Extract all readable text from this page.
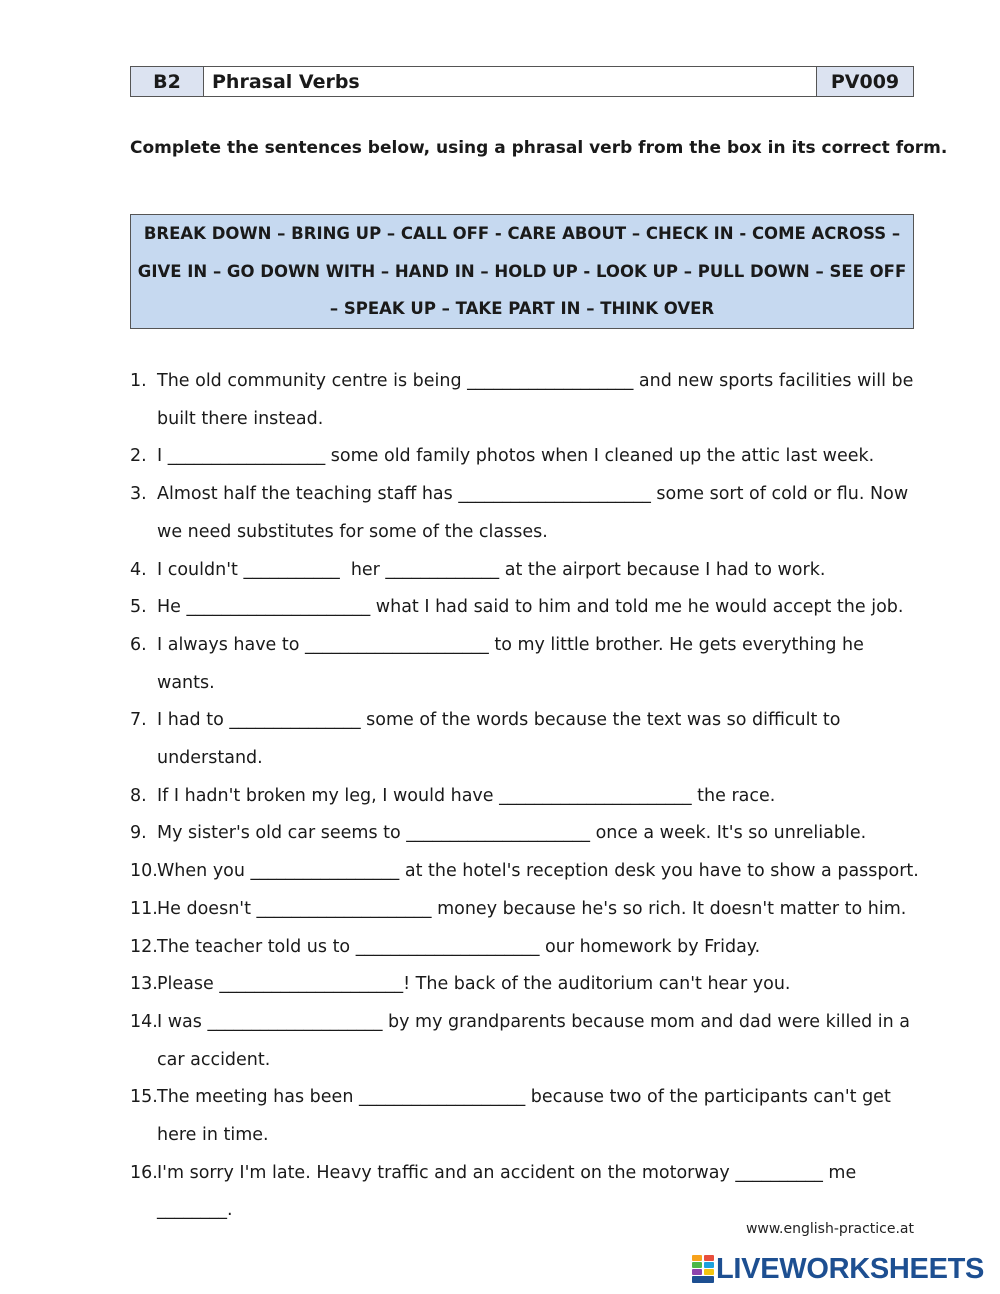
B2	Phrasal Verbs	PV009
Complete the sentences below, using a phrasal verb from the box in its correct form.
BREAK DOWN – BRING UP – CALL OFF - CARE ABOUT – CHECK IN - COME ACROSS –
GIVE IN – GO DOWN WITH – HAND IN – HOLD UP - LOOK UP – PULL DOWN – SEE OFF
– SPEAK UP – TAKE PART IN – THINK OVER
1. The old community centre is being ___________________ and new sports facilities will be built there instead.
2. I __________________ some old family photos when I cleaned up the attic last week.
3. Almost half the teaching staff has ______________________ some sort of cold or flu. Now we need substitutes for some of the classes.
4. I couldn't ___________  her _____________ at the airport because I had to work.
5. He _____________________ what I had said to him and told me he would accept the job.
6. I always have to _____________________ to my little brother. He gets everything he wants.
7. I had to _______________ some of the words because the text was so difficult to understand.
8. If I hadn't broken my leg, I would have ______________________ the race.
9. My sister's old car seems to _____________________ once a week. It's so unreliable.
10. When you _________________ at the hotel's reception desk you have to show a passport.
11. He doesn't ____________________ money because he's so rich. It doesn't matter to him.
12. The teacher told us to _____________________ our homework by Friday.
13. Please _____________________! The back of the auditorium can't hear you.
14. I was ____________________ by my grandparents because mom and dad were killed in a car accident.
15. The meeting has been ___________________ because two of the participants can't get here in time.
16. I'm sorry I'm late. Heavy traffic and an accident on the motorway __________ me ________.
www.english-practice.at
LIVEWORKSHEETS
